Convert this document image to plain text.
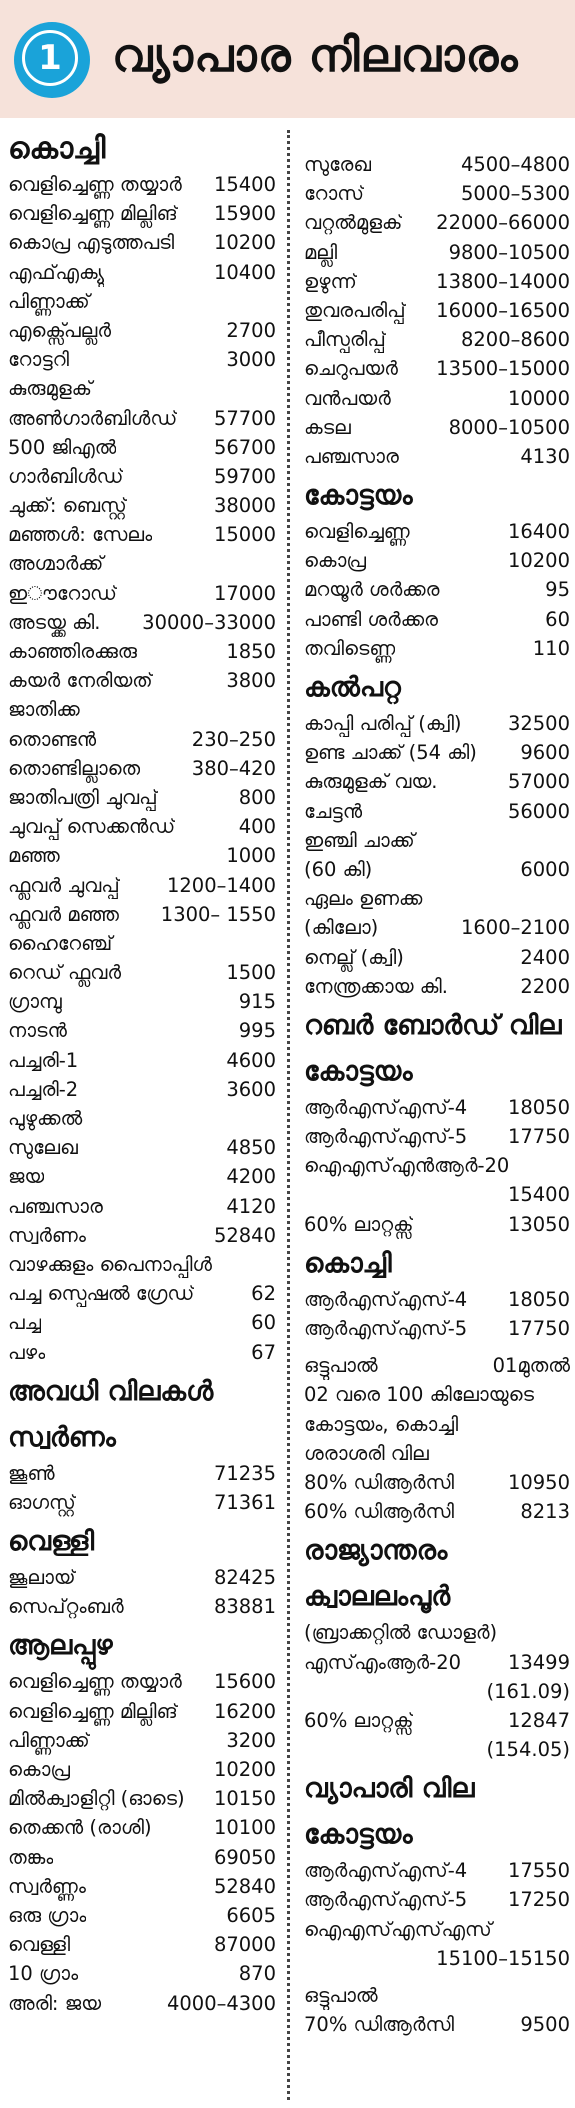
1	വ്യാപാര നിലവാരം
കൊച്ചി
വെളിച്ചെണ്ണ തയ്യാർ	15400
വെളിച്ചെണ്ണ മില്ലിങ്	15900
കൊപ്ര എടുത്തപടി	10200
എഫ്എക്യു	10400
പിണ്ണാക്ക്
എക്സ്പെല്ലർ	2700
റോട്ടറി	3000
കുരുമുളക്
അൺഗാർബിൾഡ്	57700
500 ജിഎൽ	56700
ഗാർബിൾഡ്	59700
ചുക്ക്: ബെസ്റ്റ്	38000
മഞ്ഞൾ: സേലം	15000
അഗ്മാർക്ക്
ഇൗറോഡ്	17000
അടയ്ക്ക കി.	30000–33000
കാഞ്ഞിരക്കുരു	1850
കയർ നേരിയത്	3800
ജാതിക്ക
തൊണ്ടൻ	230–250
തൊണ്ടില്ലാതെ	380–420
ജാതിപത്രി ചുവപ്പ്	800
ചുവപ്പ് സെക്കൻഡ്	400
മഞ്ഞ	1000
ഫ്ലവർ ചുവപ്പ്	1200–1400
ഫ്ലവർ മഞ്ഞ	1300– 1550
ഹൈറേഞ്ച്
റെഡ് ഫ്ലവർ	1500
ഗ്രാമ്പു	915
നാടൻ	995
പച്ചരി-1	4600
പച്ചരി-2	3600
പുഴുക്കൽ
സുലേഖ	4850
ജയ	4200
പഞ്ചസാര	4120
സ്വർണം	52840
വാഴക്കുളം പൈനാപ്പിൾ
പച്ച സ്പെഷൽ ഗ്രേഡ്	62
പച്ച	60
പഴം	67
അവധി വിലകൾ
സ്വർണം
ജൂൺ	71235
ഓഗസ്റ്റ്	71361
വെള്ളി
ജൂലായ്	82425
സെപ്റ്റംബർ	83881
ആലപ്പുഴ
വെളിച്ചെണ്ണ തയ്യാർ	15600
വെളിച്ചെണ്ണ മില്ലിങ്	16200
പിണ്ണാക്ക്	3200
കൊപ്ര	10200
മിൽക്വാളിറ്റി (ഓടെ)	10150
തെക്കൻ (രാശി)	10100
തങ്കം	69050
സ്വർണ്ണം	52840
ഒരു ഗ്രാം	6605
വെള്ളി	87000
10 ഗ്രാം	870
അരി: ജയ	4000–4300
സുരേഖ	4500–4800
റോസ്	5000–5300
വറ്റൽമുളക്	22000–66000
മല്ലി	9800–10500
ഉഴുന്ന്	13800–14000
തുവരപരിപ്പ്	16000–16500
പീസ്പരിപ്പ്	8200–8600
ചെറുപയർ	13500–15000
വൻപയർ	10000
കടല	8000–10500
പഞ്ചസാര	4130
കോട്ടയം
വെളിച്ചെണ്ണ	16400
കൊപ്ര	10200
മറയൂർ ശർക്കര	95
പാണ്ടി ശർക്കര	60
തവിടെണ്ണ	110
കൽപറ്റ
കാപ്പി പരിപ്പ് (ക്വി)	32500
ഉണ്ട ചാക്ക് (54 കി)	9600
കുരുമുളക് വയ.	57000
ചേട്ടൻ	56000
ഇഞ്ചി ചാക്ക്
(60 കി)	6000
ഏലം ഉണക്ക
(കിലോ)	1600–2100
നെല്ല് (ക്വി)	2400
നേന്ത്രക്കായ കി.	2200
റബർ ബോർഡ് വില
കോട്ടയം
ആർഎസ്എസ്-4	18050
ആർഎസ്എസ്-5	17750
ഐഎസ്എൻആർ-20
15400
60% ലാറ്റക്സ്	13050
കൊച്ചി
ആർഎസ്എസ്-4	18050
ആർഎസ്എസ്-5	17750
ഒട്ടുപാൽ	01മുതൽ
02 വരെ 100 കിലോയുടെ
കോട്ടയം, കൊച്ചി
ശരാശരി വില
80% ഡിആർസി	10950
60% ഡിആർസി	8213
രാജ്യാന്തരം
ക്വാലലംപൂർ
(ബ്രാക്കറ്റിൽ ഡോളർ)
എസ്എംആർ-20	13499
(161.09)
60% ലാറ്റക്സ്	12847
(154.05)
വ്യാപാരി വില
കോട്ടയം
ആർഎസ്എസ്-4	17550
ആർഎസ്എസ്-5	17250
ഐഎസ്എസ്എസ്
15100–15150
ഒട്ടുപാൽ
70% ഡിആർസി	9500
